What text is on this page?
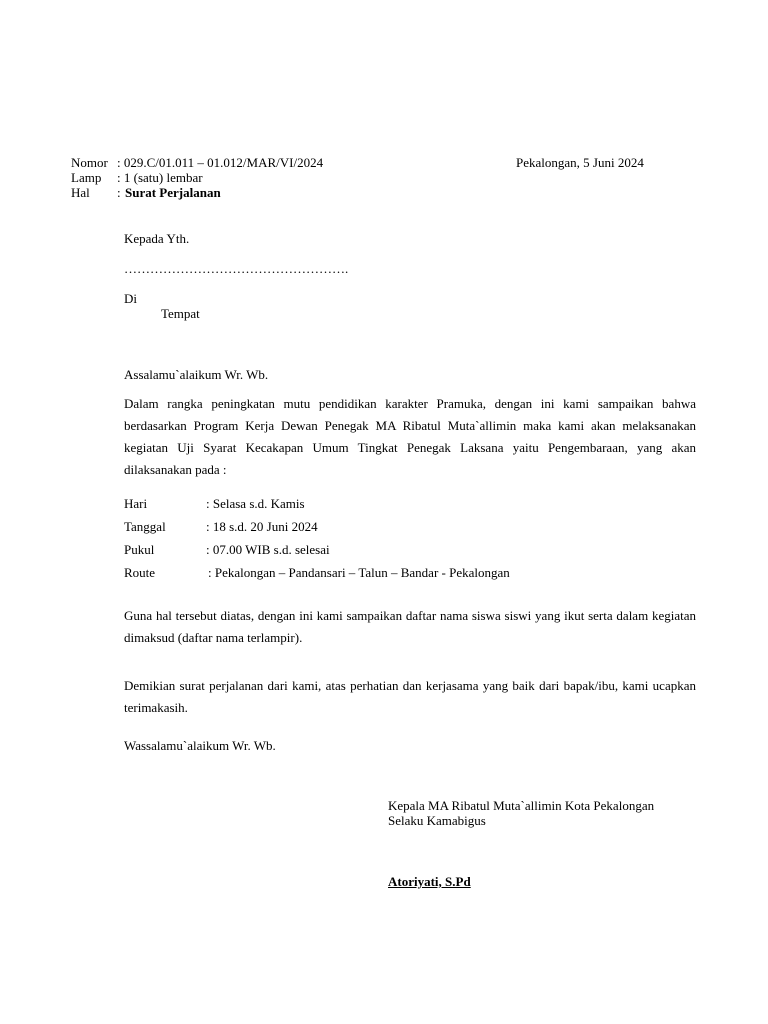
Nomor : 029.C/01.011 – 01.012/MAR/VI/2024	Pekalongan, 5 Juni 2024
Lamp : 1 (satu) lembar
Hal : Surat Perjalanan
Kepada Yth.
…………………………………………….
Di
Tempat
Assalamu`alaikum Wr. Wb.
Dalam rangka peningkatan mutu pendidikan karakter Pramuka, dengan ini kami sampaikan bahwa berdasarkan Program Kerja Dewan Penegak MA Ribatul Muta`allimin maka kami akan melaksanakan kegiatan Uji Syarat Kecakapan Umum Tingkat Penegak Laksana yaitu Pengembaraan, yang akan dilaksanakan pada :
Hari	: Selasa s.d. Kamis
Tanggal	: 18 s.d. 20 Juni 2024
Pukul	: 07.00 WIB s.d. selesai
Route	: Pekalongan – Pandansari – Talun – Bandar - Pekalongan
Guna hal tersebut diatas, dengan ini kami sampaikan daftar nama siswa siswi yang ikut serta dalam kegiatan dimaksud (daftar nama terlampir).
Demikian surat perjalanan dari kami, atas perhatian dan kerjasama yang baik dari bapak/ibu, kami ucapkan terimakasih.
Wassalamu`alaikum Wr. Wb.
Kepala MA Ribatul Muta`allimin Kota Pekalongan
Selaku Kamabigus
Atoriyati, S.Pd
